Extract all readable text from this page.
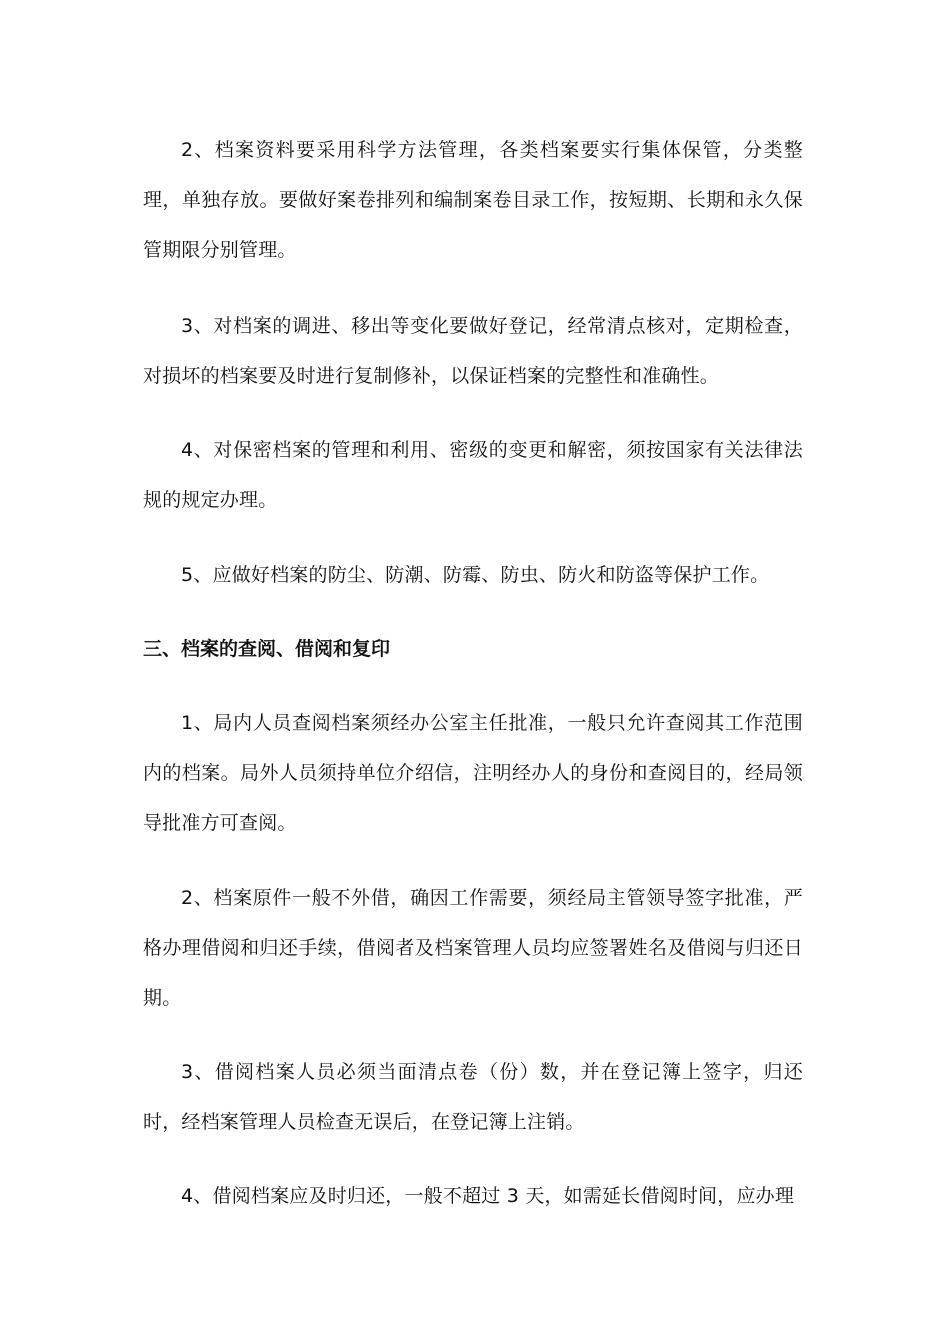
2、档案资料要采用科学方法管理，各类档案要实行集体保管，分类整理，单独存放。要做好案卷排列和编制案卷目录工作，按短期、长期和永久保管期限分别管理。

3、对档案的调进、移出等变化要做好登记，经常清点核对，定期检查，对损坏的档案要及时进行复制修补，以保证档案的完整性和准确性。

4、对保密档案的管理和利用、密级的变更和解密，须按国家有关法律法规的规定办理。

5、应做好档案的防尘、防潮、防霉、防虫、防火和防盗等保护工作。

三、档案的查阅、借阅和复印

1、局内人员查阅档案须经办公室主任批准，一般只允许查阅其工作范围内的档案。局外人员须持单位介绍信，注明经办人的身份和查阅目的，经局领导批准方可查阅。

2、档案原件一般不外借，确因工作需要，须经局主管领导签字批准，严格办理借阅和归还手续，借阅者及档案管理人员均应签署姓名及借阅与归还日期。

3、借阅档案人员必须当面清点卷（份）数，并在登记簿上签字，归还时，经档案管理人员检查无误后，在登记簿上注销。

4、借阅档案应及时归还，一般不超过 3 天，如需延长借阅时间，应办理
